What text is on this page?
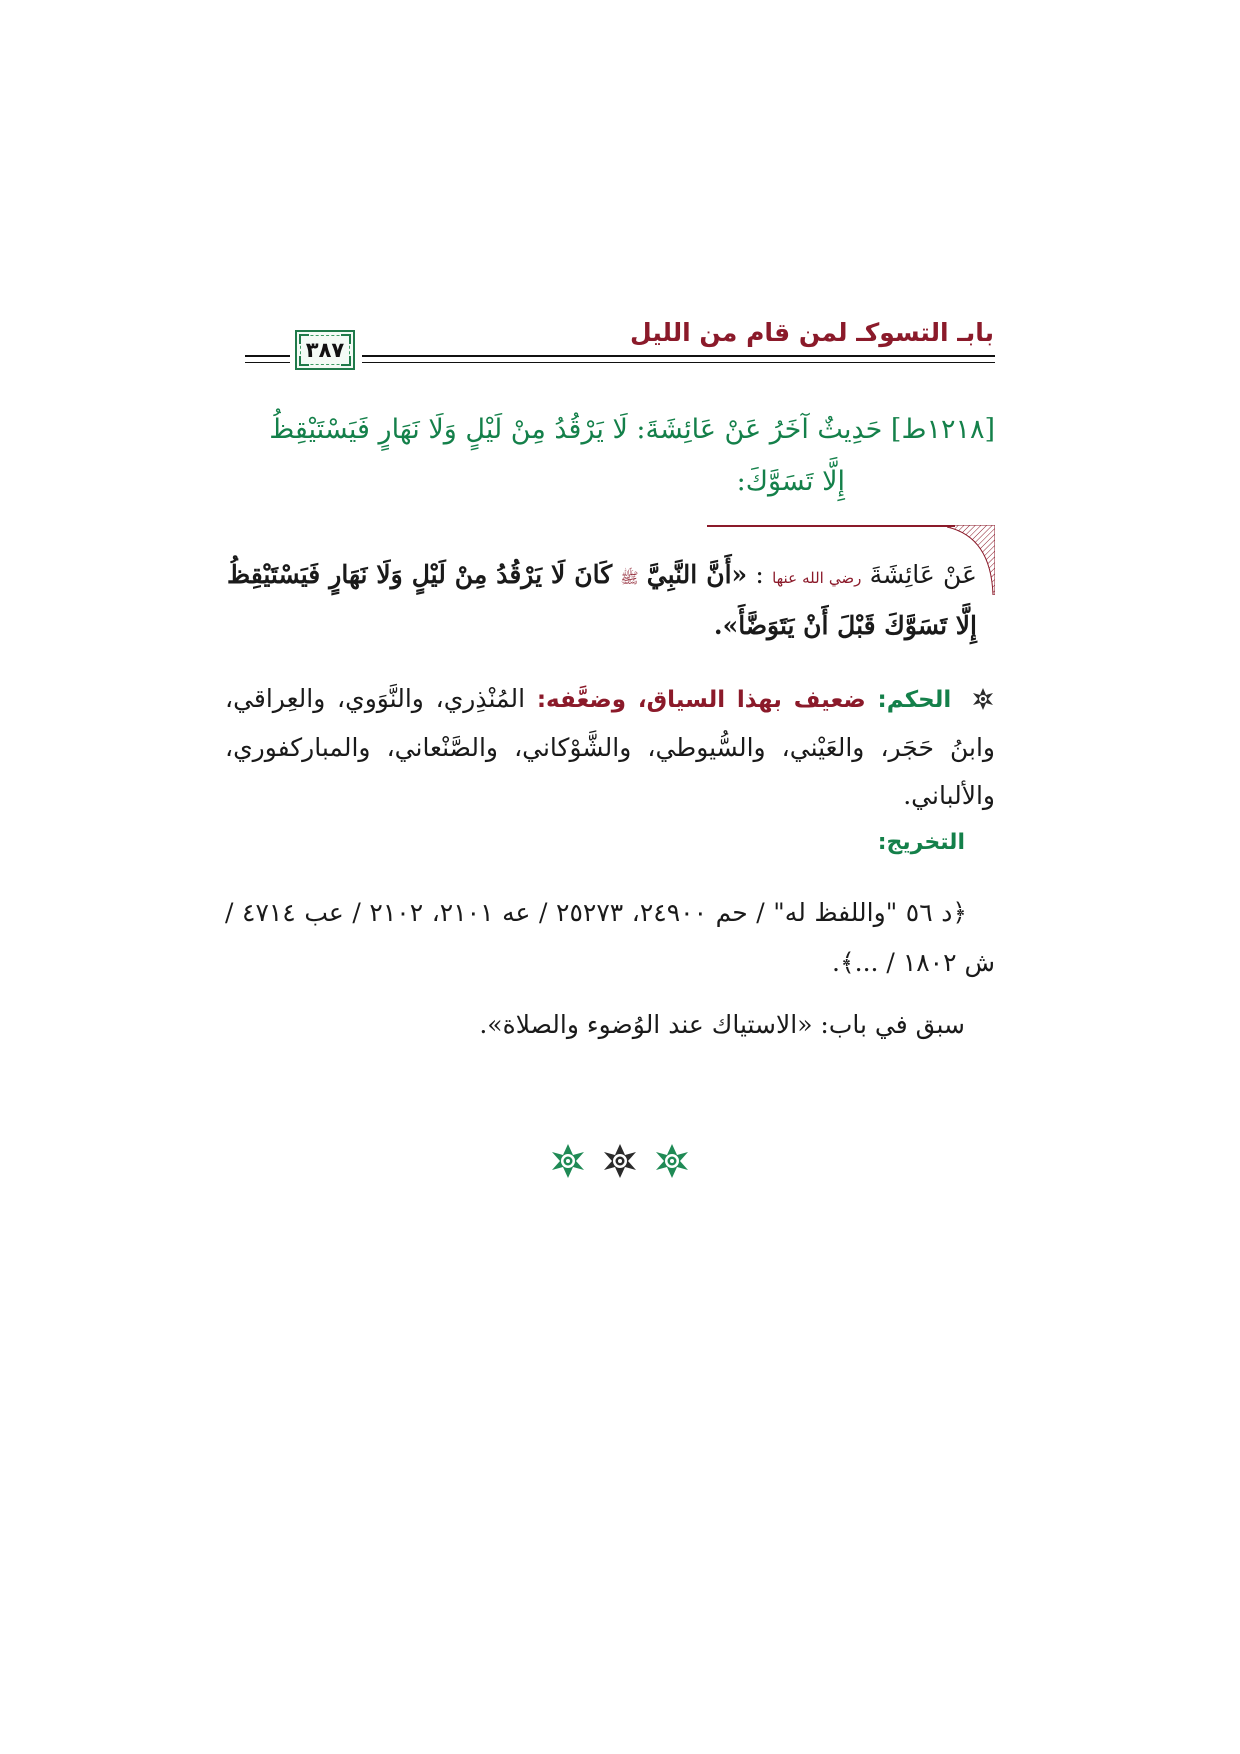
بابـ التسوكـ لمن قام من الليل
٣٨٧
[١٢١٨ط] حَدِيثٌ آخَرُ عَنْ عَائِشَةَ: لَا يَرْقُدُ مِنْ لَيْلٍ وَلَا نَهَارٍ فَيَسْتَيْقِظُ
إِلَّا تَسَوَّكَ:
عَنْ عَائِشَةَ رضي الله عنها : «أَنَّ النَّبِيَّ ﷺ كَانَ لَا يَرْقُدُ مِنْ لَيْلٍ وَلَا نَهَارٍ فَيَسْتَيْقِظُ إِلَّا تَسَوَّكَ قَبْلَ أَنْ يَتَوَضَّأَ».
الحكم: ضعيف بهذا السياق، وضعَّفه: المُنْذِري، والنَّوَوي، والعِراقي، وابنُ حَجَر، والعَيْني، والسُّيوطي، والشَّوْكاني، والصَّنْعاني، والمباركفوري، والألباني.
التخريج:
﴿د ٥٦ "واللفظ له" / حم ٢٤٩٠٠، ٢٥٢٧٣ / عه ٢١٠١، ٢١٠٢ / عب ٤٧١٤ / ش ١٨٠٢ / ...﴾.
سبق في باب: «الاستياك عند الوُضوء والصلاة».
